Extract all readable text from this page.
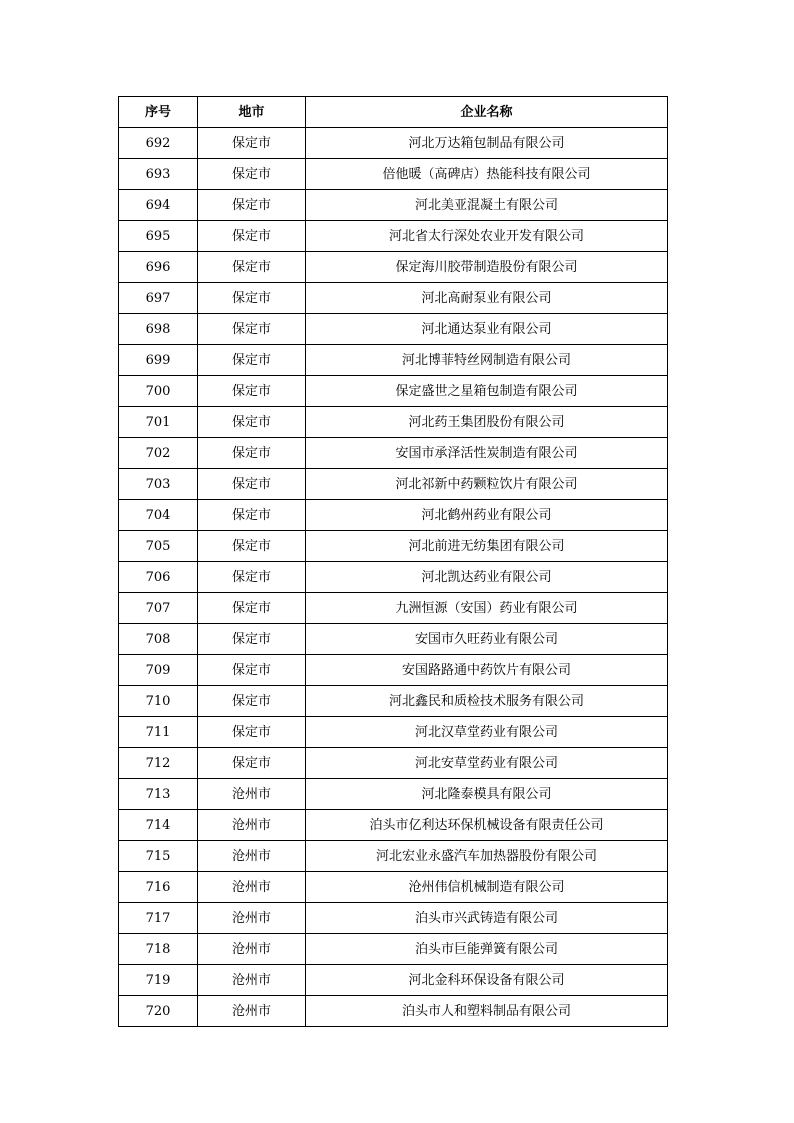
序号	地市	企业名称
692	保定市	河北万达箱包制品有限公司
693	保定市	倍他暖（高碑店）热能科技有限公司
694	保定市	河北美亚混凝土有限公司
695	保定市	河北省太行深处农业开发有限公司
696	保定市	保定海川胶带制造股份有限公司
697	保定市	河北高耐泵业有限公司
698	保定市	河北通达泵业有限公司
699	保定市	河北博菲特丝网制造有限公司
700	保定市	保定盛世之星箱包制造有限公司
701	保定市	河北药王集团股份有限公司
702	保定市	安国市承泽活性炭制造有限公司
703	保定市	河北祁新中药颗粒饮片有限公司
704	保定市	河北鹤州药业有限公司
705	保定市	河北前进无纺集团有限公司
706	保定市	河北凯达药业有限公司
707	保定市	九洲恒源（安国）药业有限公司
708	保定市	安国市久旺药业有限公司
709	保定市	安国路路通中药饮片有限公司
710	保定市	河北鑫民和质检技术服务有限公司
711	保定市	河北汉草堂药业有限公司
712	保定市	河北安草堂药业有限公司
713	沧州市	河北隆泰模具有限公司
714	沧州市	泊头市亿利达环保机械设备有限责任公司
715	沧州市	河北宏业永盛汽车加热器股份有限公司
716	沧州市	沧州伟信机械制造有限公司
717	沧州市	泊头市兴武铸造有限公司
718	沧州市	泊头市巨能弹簧有限公司
719	沧州市	河北金科环保设备有限公司
720	沧州市	泊头市人和塑料制品有限公司
